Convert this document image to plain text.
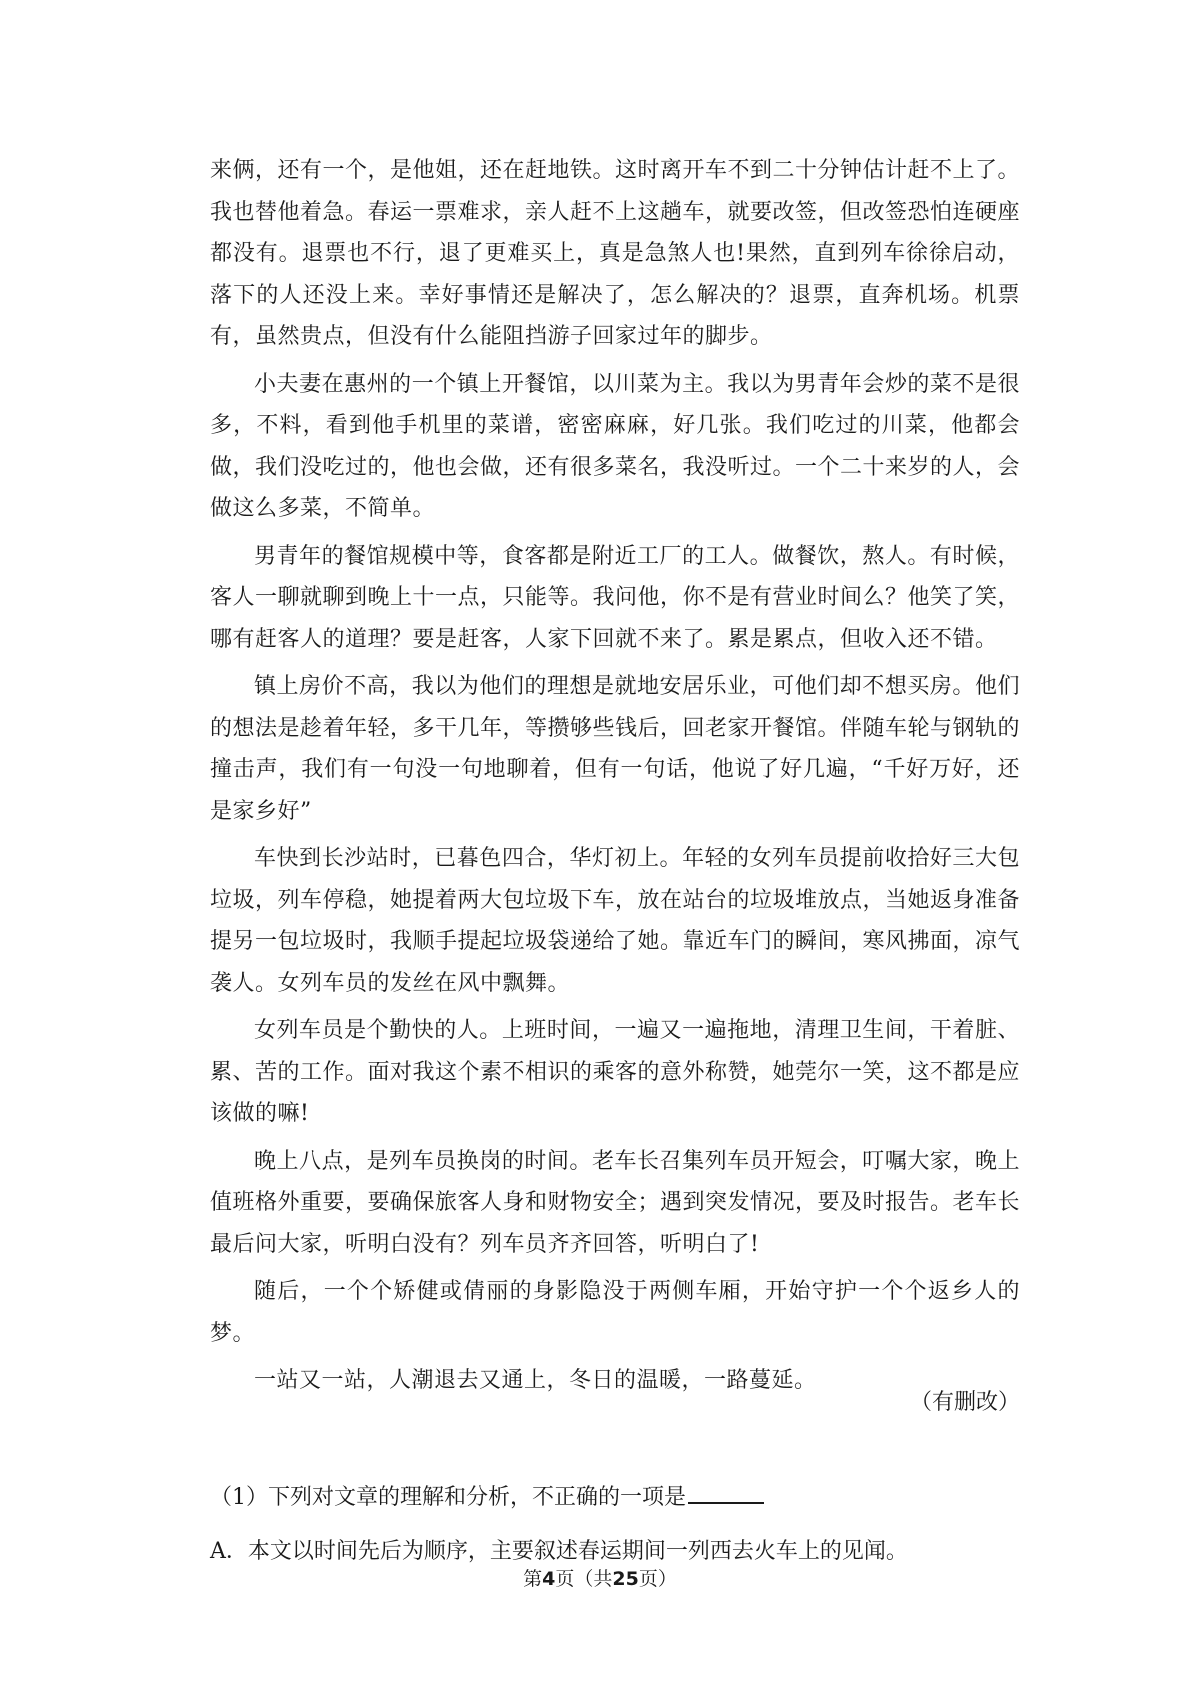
来俩，还有一个，是他姐，还在赶地铁。这时离开车不到二十分钟估计赶不上了。我也替他着急。春运一票难求，亲人赶不上这趟车，就要改签，但改签恐怕连硬座都没有。退票也不行，退了更难买上，真是急煞人也!果然，直到列车徐徐启动，落下的人还没上来。幸好事情还是解决了，怎么解决的？退票，直奔机场。机票有，虽然贵点，但没有什么能阻挡游子回家过年的脚步。

小夫妻在惠州的一个镇上开餐馆，以川菜为主。我以为男青年会炒的菜不是很多，不料，看到他手机里的菜谱，密密麻麻，好几张。我们吃过的川菜，他都会做，我们没吃过的，他也会做，还有很多菜名，我没听过。一个二十来岁的人，会做这么多菜，不简单。

男青年的餐馆规模中等，食客都是附近工厂的工人。做餐饮，熬人。有时候，客人一聊就聊到晚上十一点，只能等。我问他，你不是有营业时间么？他笑了笑，哪有赶客人的道理？要是赶客，人家下回就不来了。累是累点，但收入还不错。

镇上房价不高，我以为他们的理想是就地安居乐业，可他们却不想买房。他们的想法是趁着年轻，多干几年，等攒够些钱后，回老家开餐馆。伴随车轮与钢轨的撞击声，我们有一句没一句地聊着，但有一句话，他说了好几遍，“千好万好，还是家乡好”

车快到长沙站时，已暮色四合，华灯初上。年轻的女列车员提前收拾好三大包垃圾，列车停稳，她提着两大包垃圾下车，放在站台的垃圾堆放点，当她返身准备提另一包垃圾时，我顺手提起垃圾袋递给了她。靠近车门的瞬间，寒风拂面，凉气袭人。女列车员的发丝在风中飘舞。

女列车员是个勤快的人。上班时间，一遍又一遍拖地，清理卫生间，干着脏、累、苦的工作。面对我这个素不相识的乘客的意外称赞，她莞尔一笑，这不都是应该做的嘛!

晚上八点，是列车员换岗的时间。老车长召集列车员开短会，叮嘱大家，晚上值班格外重要，要确保旅客人身和财物安全；遇到突发情况，要及时报告。老车长最后问大家，听明白没有？列车员齐齐回答，听明白了!

随后，一个个矫健或倩丽的身影隐没于两侧车厢，开始守护一个个返乡人的梦。

一站又一站，人潮退去又通上，冬日的温暖，一路蔓延。

（有删改）
（1）下列对文章的理解和分析，不正确的一项是
A．本文以时间先后为顺序，主要叙述春运期间一列西去火车上的见闻。
第4页（共25页）
